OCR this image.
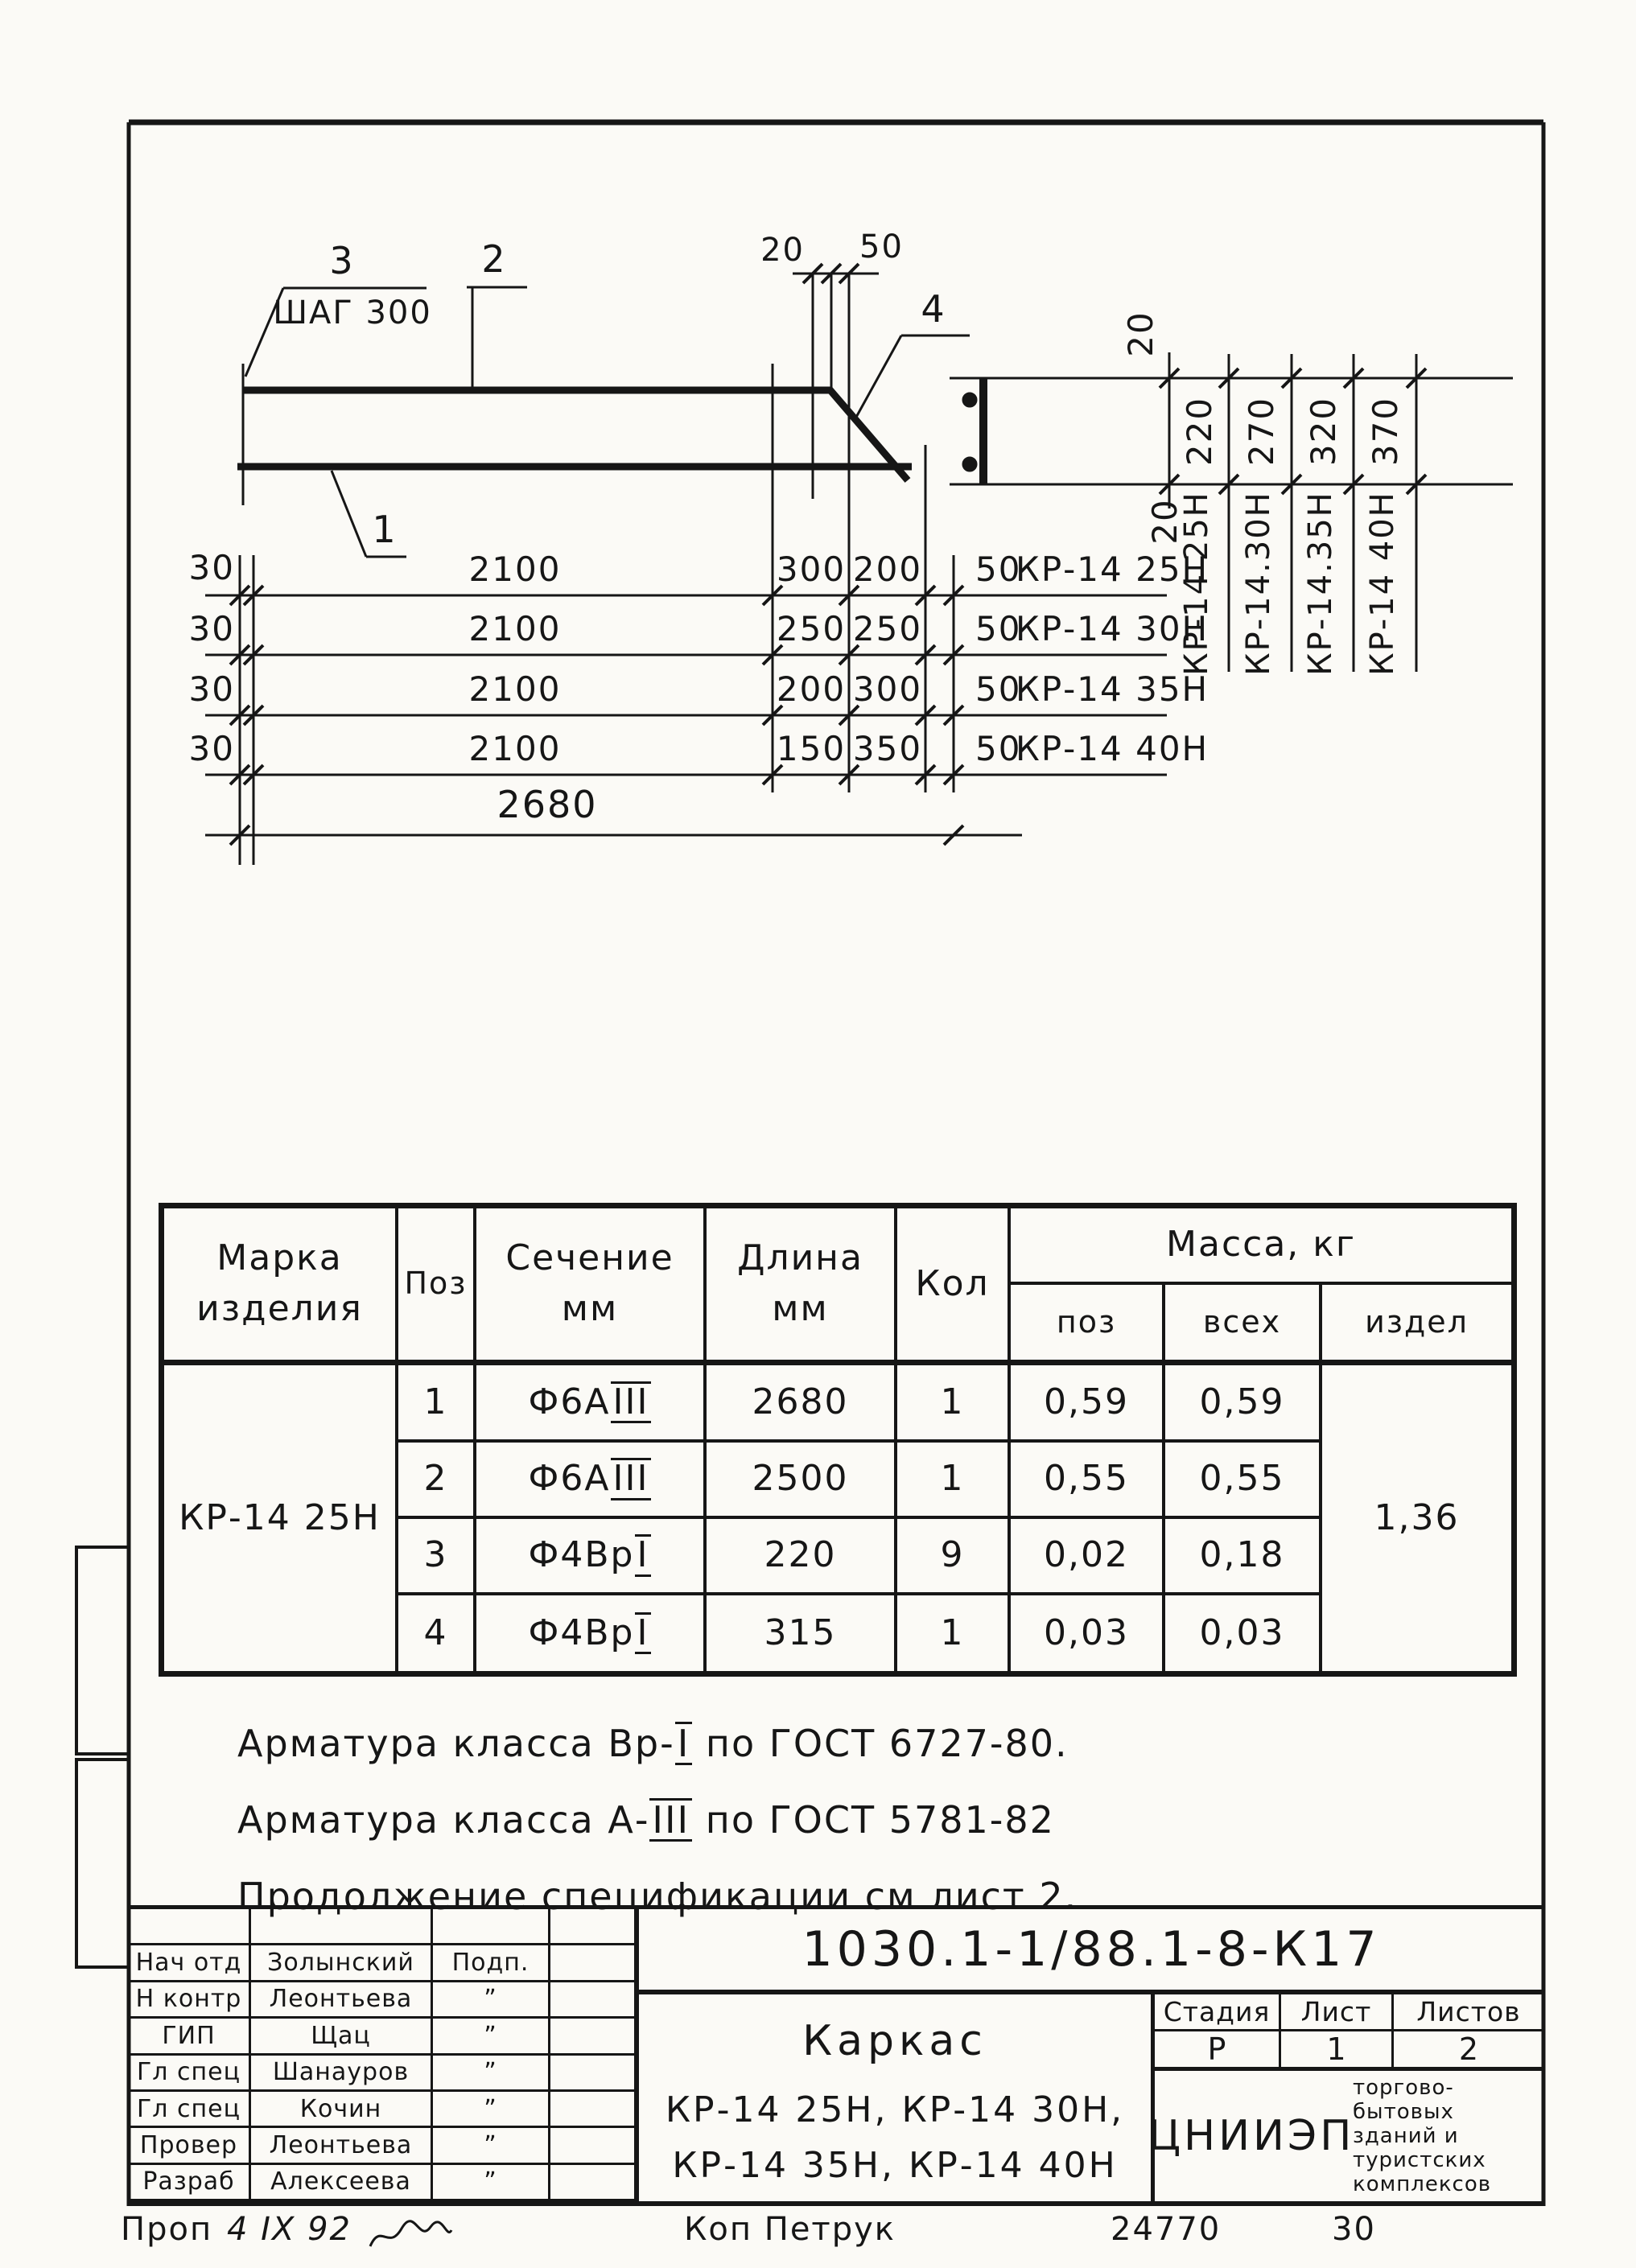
3
ШАГ 300
2	20 50
4
1
30	2100	300 200 50
КР-14 25Н
30	2100	250 250 50
КР-14 30Н
30	2100	200 300 50
КР-14 35Н
30	2100	150 350 50
КР-14 40Н
2680
20
20
220 270 320 370
КР-14 25Н КР-14.30Н КР-14.35Н КР-14 40Н
Марка
изделия
Поз
Сечение
мм
Длина
мм
Кол
Масса, кг
поз	всех	издел
КР-14 25Н
1	Ф6А III	2680	1	0,59	0,59
2	Ф6А III	2500	1	0,55	0,55
3	Ф4Вр I	220	9	0,02	0,18
4	Ф4Вр I	315	1	0,03	0,03
1,36
Арматура класса Вр-I по ГОСТ 6727-80.
Арматура класса А-III по ГОСТ 5781-82
Продолжение спецификации см лист 2.
Нач отд	Золынский	Подп.
Н контр	Леонтьева	”
ГИП	Щац	”
Гл спец	Шанауров	”
Гл спец	Кочин	”
Провер	Леонтьева	”
Разраб	Алексеева	”
1030.1-1/88.1-8-К17
Каркас
КР-14 25Н, КР-14 30Н,
КР-14 35Н, КР-14 40Н
Стадия	Лист	Листов
Р	1	2
ЦНИИЭП
торгово-
бытовых
зданий и
туристских
комплексов
Проп 4 IX 92	Коп Петрук	24770	30
